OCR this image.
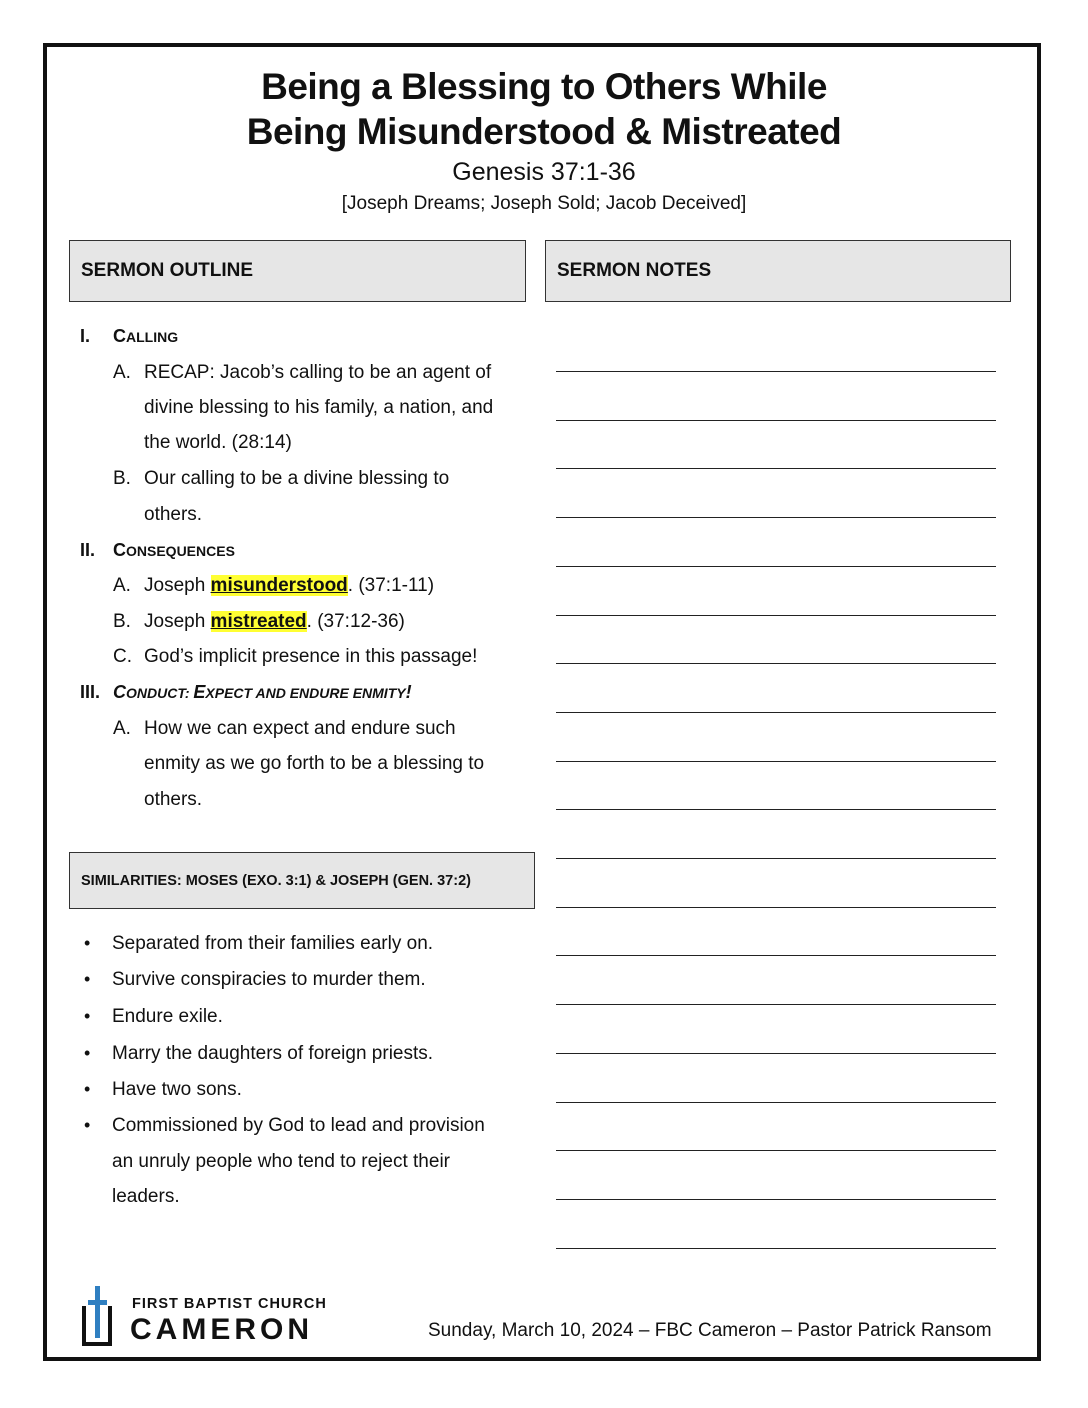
Being a Blessing to Others While
Being Misunderstood & Mistreated
Genesis 37:1-36
[Joseph Dreams; Joseph Sold; Jacob Deceived]
SERMON OUTLINE	SERMON NOTES
I. CALLING
A. RECAP: Jacob’s calling to be an agent of
divine blessing to his family, a nation, and
the world. (28:14)
B. Our calling to be a divine blessing to
others.
II. CONSEQUENCES
A. Joseph misunderstood. (37:1-11)
B. Joseph mistreated. (37:12-36)
C. God’s implicit presence in this passage!
III. CONDUCT: EXPECT AND ENDURE ENMITY!
A. How we can expect and endure such
enmity as we go forth to be a blessing to
others.
SIMILARITIES: MOSES (EXO. 3:1) & JOSEPH (GEN. 37:2)
• Separated from their families early on.
• Survive conspiracies to murder them.
• Endure exile.
• Marry the daughters of foreign priests.
• Have two sons.
• Commissioned by God to lead and provision
an unruly people who tend to reject their
leaders.
FIRST BAPTIST CHURCH
CAMERON	Sunday, March 10, 2024 – FBC Cameron – Pastor Patrick Ransom
